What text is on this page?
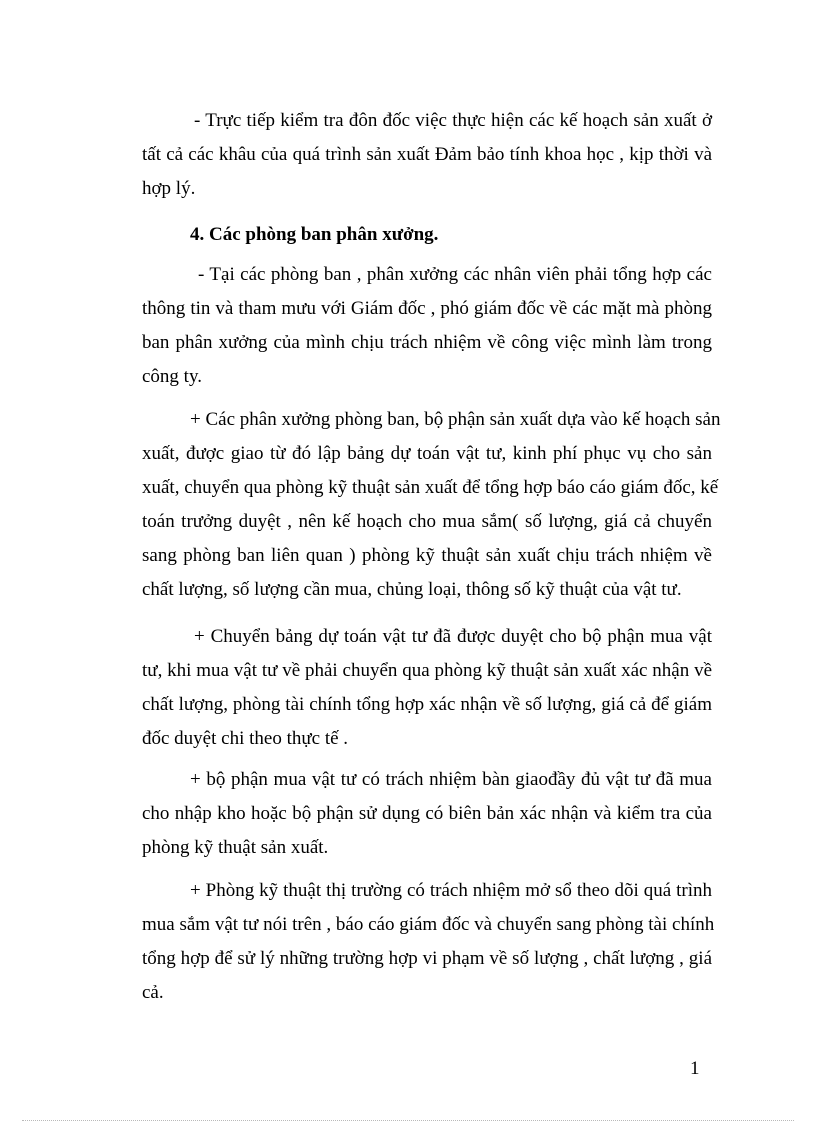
- Trực tiếp kiểm tra đôn đốc việc thực hiện các kế hoạch sản xuất ở
tất cả các khâu của quá trình sản xuất Đảm bảo tính khoa học , kịp thời và
hợp lý.
4. Các phòng ban phân xưởng.
- Tại các phòng ban , phân xưởng các nhân viên phải tổng hợp các
thông tin và tham mưu với Giám đốc , phó giám đốc về các mặt mà phòng
ban phân xưởng của mình chịu trách nhiệm về công việc mình làm trong
công ty.
+ Các phân xưởng phòng ban, bộ phận sản xuất dựa vào kế hoạch sản
xuất, được giao từ đó lập bảng dự toán vật tư, kinh phí phục vụ cho sản
xuất, chuyển qua phòng kỹ thuật sản xuất để tổng hợp báo cáo giám đốc, kế
toán trưởng duyệt , nên kế hoạch cho mua sắm( số lượng, giá cả chuyển
sang phòng ban liên quan ) phòng kỹ thuật sản xuất chịu trách nhiệm về
chất lượng, số lượng cần mua, chủng loại, thông số kỹ thuật của vật tư.
+ Chuyển bảng dự toán vật tư đã được duyệt cho bộ phận mua vật
tư, khi mua vật tư về phải chuyển qua phòng kỹ thuật sản xuất xác nhận về
chất lượng, phòng tài chính tổng hợp xác nhận về số lượng, giá cả để giám
đốc duyệt chi theo thực tế .
+ bộ phận mua vật tư có trách nhiệm bàn giaođầy đủ vật tư đã mua
cho nhập kho hoặc bộ phận sử dụng có biên bản xác nhận và kiểm tra của
phòng kỹ thuật sản xuất.
+ Phòng kỹ thuật thị trường có trách nhiệm mở sổ theo dõi quá trình
mua sắm vật tư nói trên , báo cáo giám đốc và chuyển sang phòng tài chính
tổng hợp để sử lý những trường hợp vi phạm về số lượng , chất lượng , giá
cả.
1
